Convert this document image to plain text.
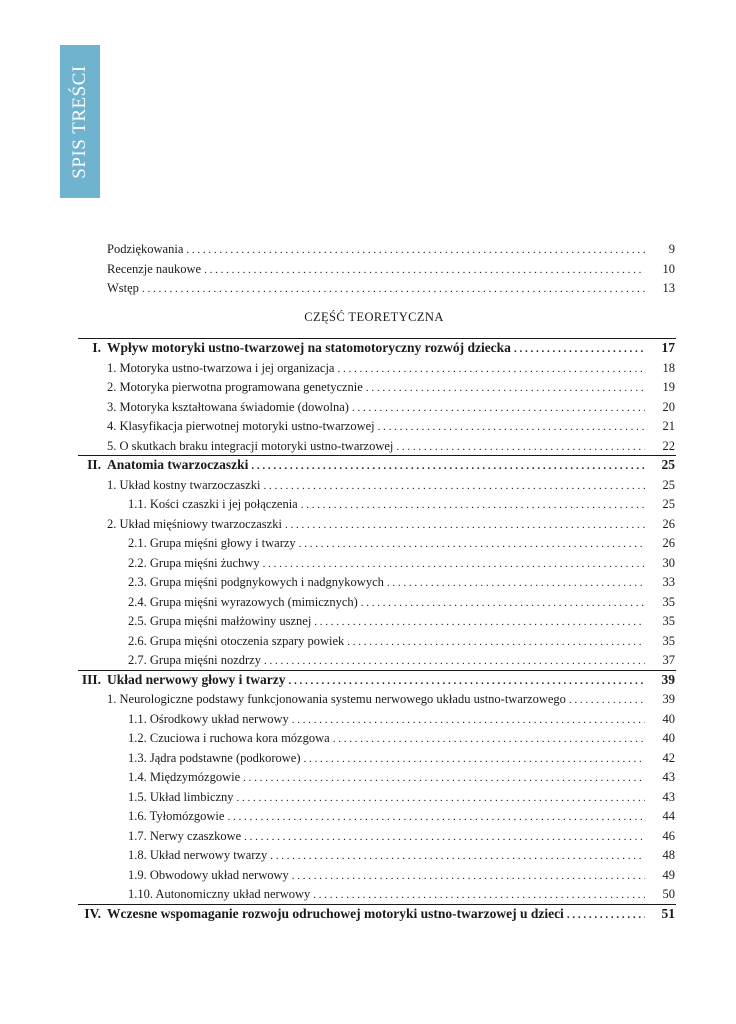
SPIS TREŚCI
Podziękowania . . .	9
Recenzje naukowe . . .	10
Wstęp . . .	13
CZĘŚĆ TEORETYCZNA
I. Wpływ motoryki ustno-twarzowej na statomotoryczny rozwój dziecka . . .	17
1. Motoryka ustno-twarzowa i jej organizacja . . .	18
2. Motoryka pierwotna programowana genetycznie . . .	19
3. Motoryka kształtowana świadomie (dowolna) . . .	20
4. Klasyfikacja pierwotnej motoryki ustno-twarzowej . . .	21
5. O skutkach braku integracji motoryki ustno-twarzowej . . .	22
II. Anatomia twarzoczaszki . . .	25
1. Układ kostny twarzoczaszki . . .	25
1.1. Kości czaszki i jej połączenia . . .	25
2. Układ mięśniowy twarzoczaszki . . .	26
2.1. Grupa mięśni głowy i twarzy . . .	26
2.2. Grupa mięśni żuchwy . . .	30
2.3. Grupa mięśni podgnykowych i nadgnykowych . . .	33
2.4. Grupa mięśni wyrazowych (mimicznych) . . .	35
2.5. Grupa mięśni małżowiny usznej . . .	35
2.6. Grupa mięśni otoczenia szpary powiek . . .	35
2.7. Grupa mięśni nozdrzy . . .	37
III. Układ nerwowy głowy i twarzy . . .	39
1. Neurologiczne podstawy funkcjonowania systemu nerwowego układu ustno-twarzowego . . .	39
1.1. Ośrodkowy układ nerwowy . . .	40
1.2. Czuciowa i ruchowa kora mózgowa . . .	40
1.3. Jądra podstawne (podkorowe) . . .	42
1.4. Międzymózgowie . . .	43
1.5. Układ limbiczny . . .	43
1.6. Tyłomózgowie . . .	44
1.7. Nerwy czaszkowe . . .	46
1.8. Układ nerwowy twarzy . . .	48
1.9. Obwodowy układ nerwowy . . .	49
1.10. Autonomiczny układ nerwowy . . .	50
IV. Wczesne wspomaganie rozwoju odruchowej motoryki ustno-twarzowej u dzieci . . .	51
